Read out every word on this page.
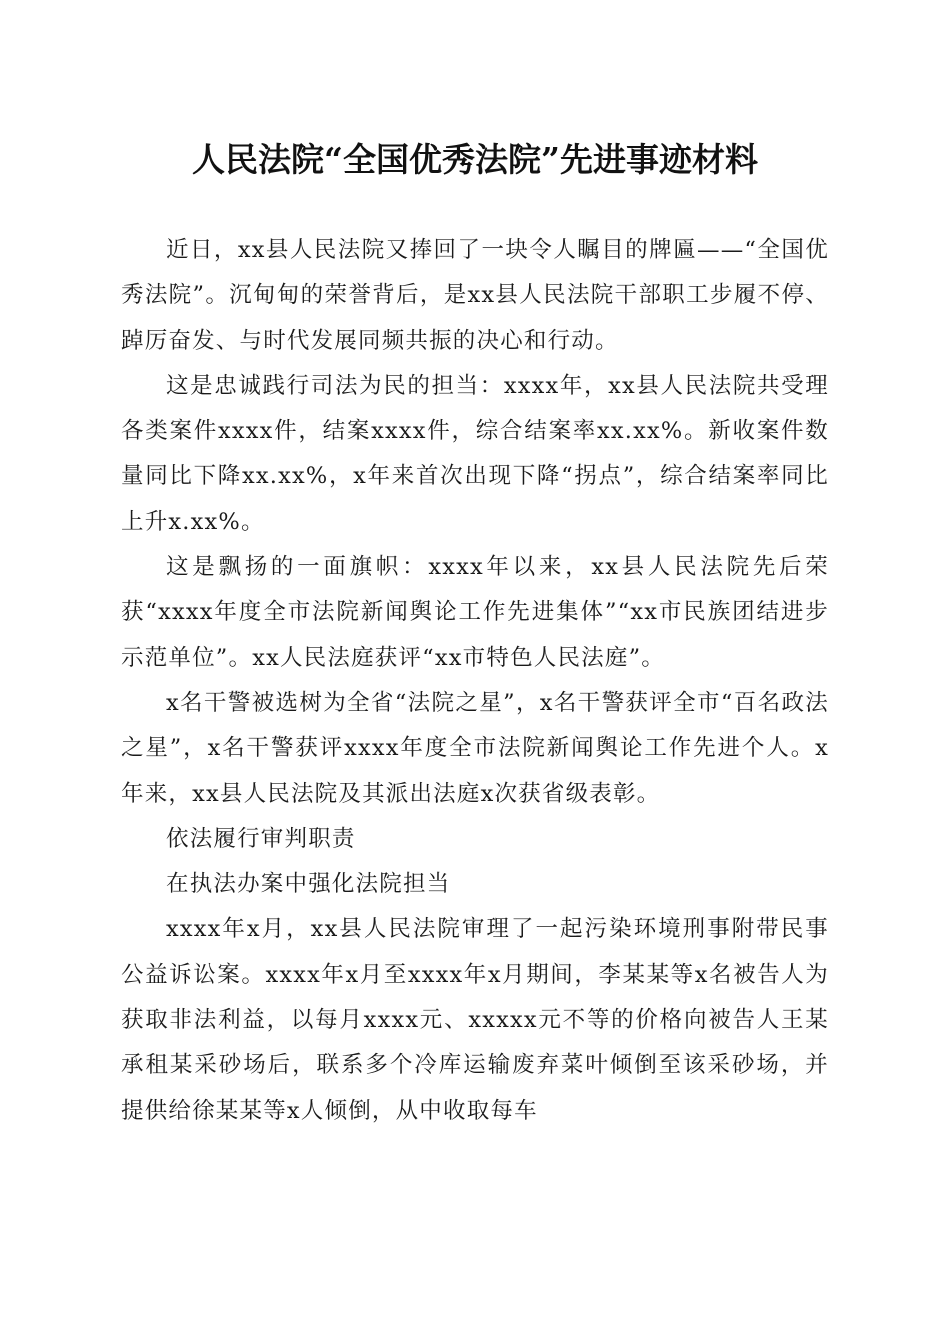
人民法院“全国优秀法院”先进事迹材料

近日，xx县人民法院又捧回了一块令人瞩目的牌匾——“全国优秀法院”。沉甸甸的荣誉背后，是xx县人民法院干部职工步履不停、踔厉奋发、与时代发展同频共振的决心和行动。

这是忠诚践行司法为民的担当：xxxx年，xx县人民法院共受理各类案件xxxx件，结案xxxx件，综合结案率xx.xx%。新收案件数量同比下降xx.xx%，x年来首次出现下降“拐点”，综合结案率同比上升x.xx%。

这是飘扬的一面旗帜：xxxx年以来，xx县人民法院先后荣获“xxxx年度全市法院新闻舆论工作先进集体”“xx市民族团结进步示范单位”。xx人民法庭获评“xx市特色人民法庭”。

x名干警被选树为全省“法院之星”，x名干警获评全市“百名政法之星”，x名干警获评xxxx年度全市法院新闻舆论工作先进个人。x年来，xx县人民法院及其派出法庭x次获省级表彰。

依法履行审判职责

在执法办案中强化法院担当

xxxx年x月，xx县人民法院审理了一起污染环境刑事附带民事公益诉讼案。xxxx年x月至xxxx年x月期间，李某某等x名被告人为获取非法利益，以每月xxxx元、xxxxx元不等的价格向被告人王某承租某采砂场后，联系多个冷库运输废弃菜叶倾倒至该采砂场，并提供给徐某某等x人倾倒，从中收取每车
